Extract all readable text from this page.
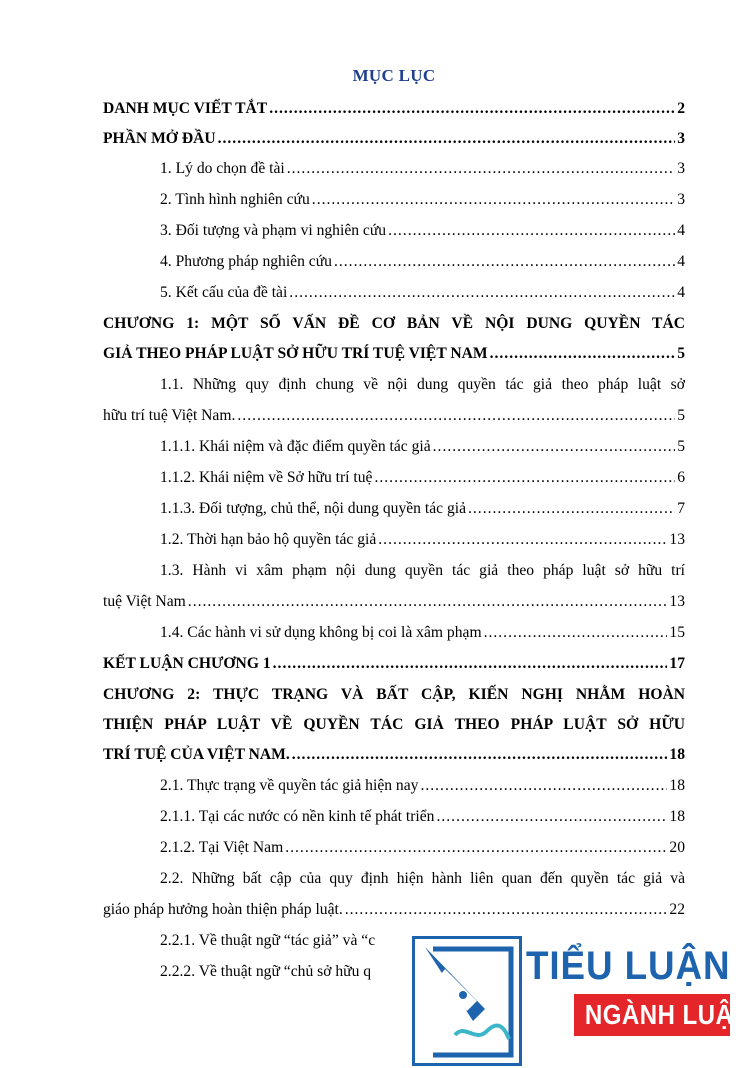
MỤC LỤC
DANH MỤC VIẾT TẮT .....	2
PHẦN MỞ ĐẦU .....	3
1. Lý do chọn đề tài .....	3
2. Tình hình nghiên cứu .....	3
3. Đối tượng và phạm vi nghiên cứu .....	4
4. Phương pháp nghiên cứu .....	4
5. Kết cấu của đề tài .....	4
CHƯƠNG 1: MỘT SỐ VẤN ĐỀ CƠ BẢN VỀ NỘI DUNG QUYỀN TÁC
GIẢ THEO PHÁP LUẬT SỞ HỮU TRÍ TUỆ VIỆT NAM .....	5
1.1. Những quy định chung về nội dung quyền tác giả theo pháp luật sở
hữu trí tuệ Việt Nam. .....	5
1.1.1. Khái niệm và đặc điểm quyền tác giả .....	5
1.1.2. Khái niệm về Sở hữu trí tuệ .....	6
1.1.3. Đối tượng, chủ thể, nội dung quyền tác giả .....	7
1.2. Thời hạn bảo hộ quyền tác giả .....	13
1.3. Hành vi xâm phạm nội dung quyền tác giả theo pháp luật sở hữu trí
tuệ Việt Nam .....	13
1.4. Các hành vi sử dụng không bị coi là xâm phạm .....	15
KẾT LUẬN CHƯƠNG 1 .....	17
CHƯƠNG 2: THỰC TRẠNG VÀ BẤT CẬP, KIẾN NGHỊ NHẰM HOÀN
THIỆN PHÁP LUẬT VỀ QUYỀN TÁC GIẢ THEO PHÁP LUẬT SỞ HỮU
TRÍ TUỆ CỦA VIỆT NAM. .....	18
2.1. Thực trạng về quyền tác giả hiện nay .....	18
2.1.1. Tại các nước có nền kinh tế phát triển .....	18
2.1.2. Tại Việt Nam .....	20
2.2. Những bất cập của quy định hiện hành liên quan đến quyền tác giả và
giáo pháp hưởng hoàn thiện pháp luật. .....	22
2.2.1. Về thuật ngữ “tác giả” và “c
2.2.2. Về thuật ngữ “chủ sở hữu q	TIỂU LUẬN
NGÀNH LUẬT
